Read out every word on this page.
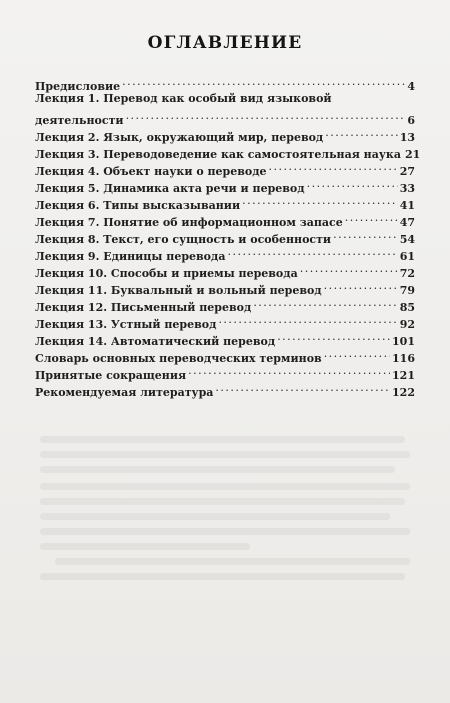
ОГЛАВЛЕНИЕ
Предисловие . . .	4
Лекция 1. Перевод как особый вид языковой
деятельности . . .	6
Лекция 2. Язык, окружающий мир, перевод . . .	13
Лекция 3. Переводоведение как самостоятельная наука 21
Лекция 4. Объект науки о переводе . . .	27
Лекция 5. Динамика акта речи и перевод . . .	33
Лекция 6. Типы высказывании . . .	41
Лекция 7. Понятие об информационном запасе . . .	47
Лекция 8. Текст, его сущность и особенности . . .	54
Лекция 9. Единицы перевода . . .	61
Лекция 10. Способы и приемы перевода . . .	72
Лекция 11. Буквальный и вольный перевод . . .	79
Лекция 12. Письменный перевод . . .	85
Лекция 13. Устный перевод . . .	92
Лекция 14. Автоматический перевод . . .	101
Словарь основных переводческих терминов . . .	116
Принятые сокращения . . .	121
Рекомендуемая литература . . .	122
